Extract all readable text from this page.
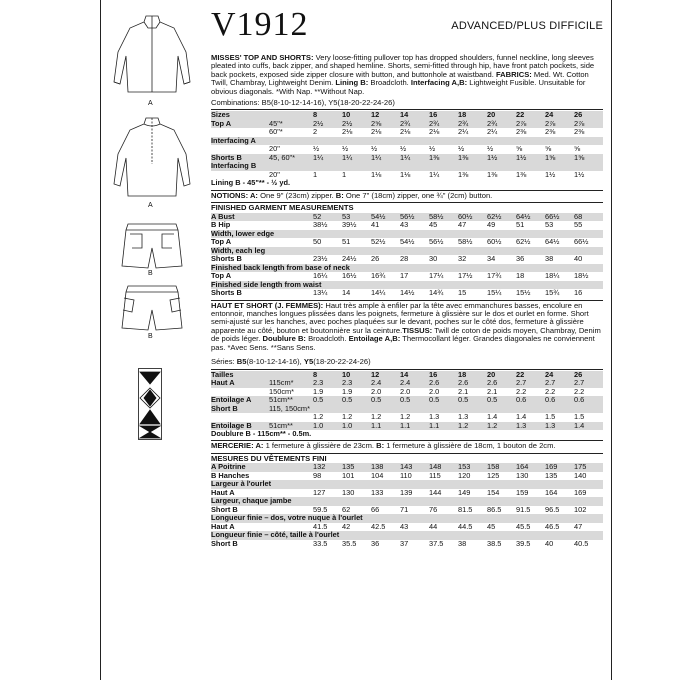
A
A
B
B
V1912	ADVANCED/PLUS DIFFICILE

MISSES' TOP AND SHORTS: Very loose-fitting pullover top has dropped shoulders, funnel neckline, long sleeves pleated into cuffs, back zipper, and shaped hemline. Shorts, semi-fitted through hip, have front patch pockets, side back pockets, exposed side zipper closure with button, and buttonhole at waistband. FABRICS: Med. Wt. Cotton Twill, Chambray, Lightweight Denim. Lining B: Broadcloth. Interfacing A,B: Lightweight Fusible. Unsuitable for obvious diagonals. *With Nap. **Without Nap.

Combinations: B5(8-10-12-14-16), Y5(18-20-22-24-26)
Sizes		8	10	12	14	16	18	20	22	24	26
Top A	45"*	2½	2½	2⅝	2¾	2¾	2¾	2¾	2⅞	2⅞	2⅞
	60"*	2	2⅛	2⅛	2⅛	2⅛	2¼	2¼	2⅜	2⅜	2⅜
Interfacing A											
	20"	½	½	½	½	½	½	½	⅝	⅝	⅝
Shorts B	45, 60"*	1¼	1¼	1¼	1¼	1⅜	1⅜	1½	1½	1⅝	1⅝
Interfacing B											
	20"	1	1	1⅛	1⅛	1¼	1⅜	1⅜	1⅜	1½	1½
Lining B - 45"** - ½ yd.
NOTIONS: A: One 9" (23cm) zipper. B: One 7" (18cm) zipper, one ¾" (2cm) button.
FINISHED GARMENT MEASUREMENTS
A Bust	52	53	54½	56½	58½	60½	62½	64½	66½	68
B Hip	38½	39½	41	43	45	47	49	51	53	55
Width, lower edge										
Top A	50	51	52½	54½	56½	58½	60½	62½	64½	66½
Width, each leg										
Shorts B	23½	24½	26	28	30	32	34	36	38	40
Finished back length from base of neck										
Top A	16¼	16½	16¾	17	17¼	17½	17¾	18	18¼	18½
Finished side length from waist										
Shorts B	13¼	14	14¼	14½	14¾	15	15¼	15½	15¾	16

HAUT ET SHORT (J. FEMMES): Haut très ample à enfiler par la tête avec emmanchures basses, encolure en entonnoir, manches longues plissées dans les poignets, fermeture à glissière sur le dos et ourlet en forme. Short semi-ajusté sur les hanches, avec poches plaquées sur le devant, poches sur le côté dos, fermeture à glissière apparente au côté, bouton et boutonnière sur la ceinture.TISSUS: Twill de coton de poids moyen, Chambray, Denim de poids léger. Doublure B: Broadcloth. Entoilage A,B: Thermocollant léger. Grandes diagonales ne conviennent pas. *Avec Sens. **Sans Sens.

Séries: B5(8-10-12-14-16), Y5(18-20-22-24-26)
Tailles		8	10	12	14	16	18	20	22	24	26
Haut A	115cm*	2.3	2.3	2.4	2.4	2.6	2.6	2.6	2.7	2.7	2.7
	150cm*	1.9	1.9	2.0	2.0	2.0	2.1	2.1	2.2	2.2	2.2
Entoilage A	51cm**	0.5	0.5	0.5	0.5	0.5	0.5	0.5	0.6	0.6	0.6
Short B	115, 150cm*										
		1.2	1.2	1.2	1.2	1.3	1.3	1.4	1.4	1.5	1.5
Entoilage B	51cm**	1.0	1.0	1.1	1.1	1.1	1.2	1.2	1.3	1.3	1.4
Doublure B - 115cm** - 0.5m.
MERCERIE: A: 1 fermeture à glissière de 23cm. B: 1 fermeture à glissière de 18cm, 1 bouton de 2cm.
MESURES DU VÊTEMENTS FINI
A Poitrine	132	135	138	143	148	153	158	164	169	175
B Hanches	98	101	104	110	115	120	125	130	135	140
Largeur à l'ourlet										
Haut A	127	130	133	139	144	149	154	159	164	169
Largeur, chaque jambe										
Short B	59.5	62	66	71	76	81.5	86.5	91.5	96.5	102
Longueur finie – dos, votre nuque à l'ourlet										
Haut A	41.5	42	42.5	43	44	44.5	45	45.5	46.5	47
Longueur finie – côté, taille à l'ourlet										
Short B	33.5	35.5	36	37	37.5	38	38.5	39.5	40	40.5
